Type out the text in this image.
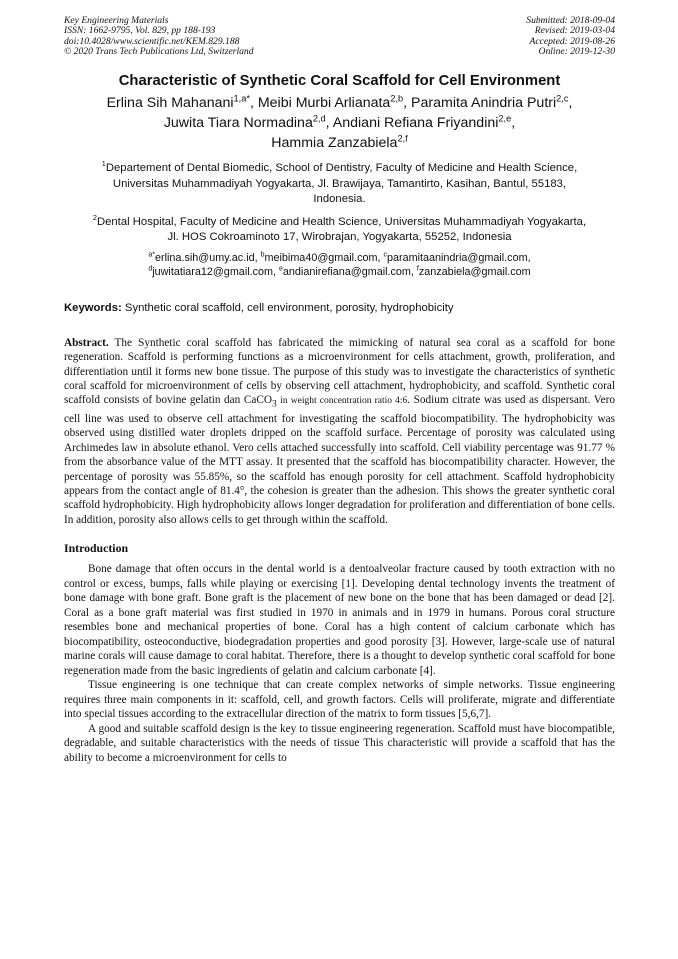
Key Engineering Materials
ISSN: 1662-9795, Vol. 829, pp 188-193
doi:10.4028/www.scientific.net/KEM.829.188
© 2020 Trans Tech Publications Ltd, Switzerland
Submitted: 2018-09-04
Revised: 2019-03-04
Accepted: 2019-08-26
Online: 2019-12-30
Characteristic of Synthetic Coral Scaffold for Cell Environment
Erlina Sih Mahanani$^{1,a*}$, Meibi Murbi Arlianata$^{2,b}$, Paramita Anindria Putri$^{2,c}$,
Juwita Tiara Normadina$^{2,d}$, Andiani Refiana Friyandini$^{2,e}$,
Hammia Zanzabiela$^{2,f}$
$^1$Departement of Dental Biomedic, School of Dentistry, Faculty of Medicine and Health Science,
Universitas Muhammadiyah Yogyakarta, Jl. Brawijaya, Tamantirto, Kasihan, Bantul, 55183,
Indonesia.
$^2$Dental Hospital, Faculty of Medicine and Health Science, Universitas Muhammadiyah Yogyakarta,
Jl. HOS Cokroaminoto 17, Wirobrajan, Yogyakarta, 55252, Indonesia
$^{a*}$erlina.sih@umy.ac.id, $^b$meibima40@gmail.com, $^c$paramitaanindria@gmail.com,
$^d$juwitatiara12@gmail.com, $^e$andianirefiana@gmail.com, $^f$zanzabiela@gmail.com
Keywords: Synthetic coral scaffold, cell environment, porosity, hydrophobicity
Abstract. The Synthetic coral scaffold has fabricated the mimicking of natural sea coral as a scaffold for bone regeneration. Scaffold is performing functions as a microenvironment for cells attachment, growth, proliferation, and differentiation until it forms new bone tissue. The purpose of this study was to investigate the characteristics of synthetic coral scaffold for microenvironment of cells by observing cell attachment, hydrophobicity, and scaffold. Synthetic coral scaffold consists of bovine gelatin dan CaCO$_3$ in weight concentration ratio 4:6. Sodium citrate was used as dispersant. Vero cell line was used to observe cell attachment for investigating the scaffold biocompatibility. The hydrophobicity was observed using distilled water droplets dripped on the scaffold surface. Percentage of porosity was calculated using Archimedes law in absolute ethanol. Vero cells attached successfully into scaffold. Cell viability percentage was 91.77 % from the absorbance value of the MTT assay. It presented that the scaffold has biocompatibility character. However, the percentage of porosity was 55.85%, so the scaffold has enough porosity for cell attachment. Scaffold hydrophobicity appears from the contact angle of 81.4°, the cohesion is greater than the adhesion. This shows the greater synthetic coral scaffold hydrophobicity. High hydrophobicity allows longer degradation for proliferation and differentiation of bone cells. In addition, porosity also allows cells to get through within the scaffold.
Introduction

Bone damage that often occurs in the dental world is a dentoalveolar fracture caused by tooth extraction with no control or excess, bumps, falls while playing or exercising [1]. Developing dental technology invents the treatment of bone damage with bone graft. Bone graft is the placement of new bone on the bone that has been damaged or dead [2]. Coral as a bone graft material was first studied in 1970 in animals and in 1979 in humans. Porous coral structure resembles bone and mechanical properties of bone. Coral has a high content of calcium carbonate which has biocompatibility, osteoconductive, biodegradation properties and good porosity [3]. However, large-scale use of natural marine corals will cause damage to coral habitat. Therefore, there is a thought to develop synthetic coral scaffold for bone regeneration made from the basic ingredients of gelatin and calcium carbonate [4].

Tissue engineering is one technique that can create complex networks of simple networks. Tissue engineering requires three main components in it: scaffold, cell, and growth factors. Cells will proliferate, migrate and differentiate into special tissues according to the extracellular direction of the matrix to form tissues [5,6,7].

A good and suitable scaffold design is the key to tissue engineering regeneration. Scaffold must have biocompatible, degradable, and suitable characteristics with the needs of tissue This characteristic will provide a scaffold that has the ability to become a microenvironment for cells to
